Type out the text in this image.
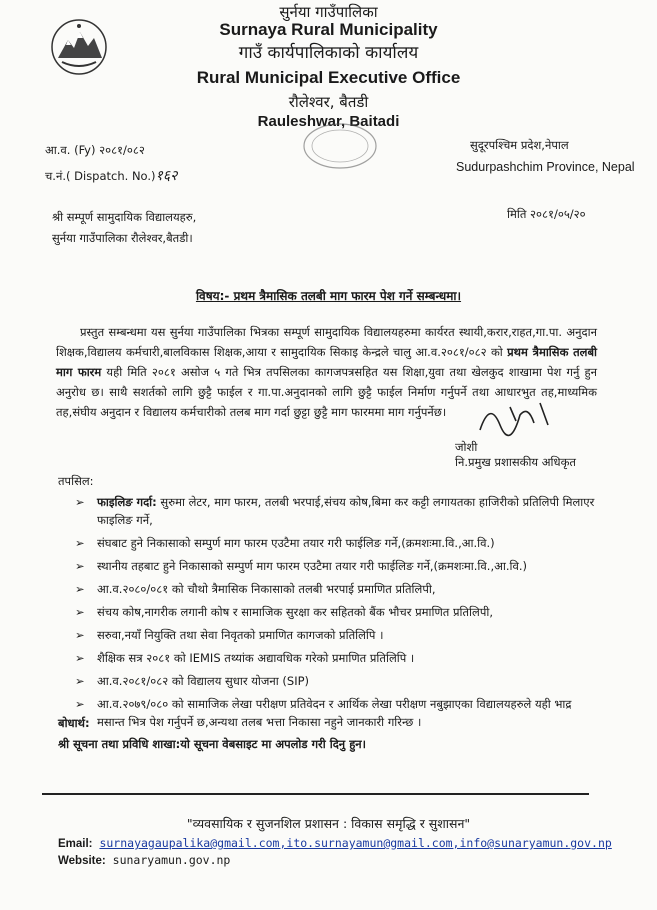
सुर्नया गाउँपालिका
Surnaya Rural Municipality
गाउँ कार्यपालिकाको कार्यालय
Rural Municipal Executive Office
रौलेश्वर, बैतडी
Rauleshwar, Baitadi
आ.व. (Fy) २०८१/०८२
च.नं.( Dispatch. No.)१६२
सुदूरपश्चिम प्रदेश,नेपाल
Sudurpashchim Province, Nepal
श्री सम्पूर्ण सामुदायिक विद्यालयहरु,
सुर्नया गाउँपालिका रौलेश्वर,बैतडी।
मिति २०८१/०५/२०
विषय:- प्रथम त्रैमासिक तलबी माग फारम पेश गर्ने सम्बन्धमा।
प्रस्तुत सम्बन्धमा यस सुर्नया गाउँपालिका भित्रका सम्पूर्ण सामुदायिक विद्यालयहरुमा कार्यरत स्थायी,करार,राहत,गा.पा. अनुदान शिक्षक,विद्यालय कर्मचारी,बालविकास शिक्षक,आया र सामुदायिक सिकाइ केन्द्रले चालु आ.व.२०८१/०८२ को प्रथम त्रैमासिक तलबी माग फारम यही मिति २०८१ असोज ५ गते भित्र तपसिलका कागजपत्रसहित यस शिक्षा,युवा तथा खेलकुद शाखामा पेश गर्नु हुन अनुरोध छ। साथै सशर्तको लागि छुट्टै फाईल र गा.पा.अनुदानको लागि छुट्टै फाईल निर्माण गर्नुपर्ने तथा आधारभुत तह,माध्यमिक तह,संघीय अनुदान र विद्यालय कर्मचारीको तलब माग गर्दा छुट्टा छुट्टै माग फारममा माग गर्नुपर्नेछ।
जोशी
नि.प्रमुख प्रशासकीय अधिकृत
तपसिल:
➢	फाइलिङ गर्दा: सुरुमा लेटर, माग फारम, तलबी भरपाई,संचय कोष,बिमा कर कट्टी लगायतका हाजिरीको प्रतिलिपी मिलाएर फाइलिङ गर्ने,
➢	संघबाट हुने निकासाको सम्पुर्ण माग फारम एउटैमा तयार गरी फाईलिङ गर्ने,(क्रमशःमा.वि.,आ.वि.)
➢	स्थानीय तहबाट हुने निकासाको सम्पुर्ण माग फारम एउटैमा तयार गरी फाईलिङ गर्ने,(क्रमशःमा.वि.,आ.वि.)
➢	आ.व.२०८०/०८१ को चौथो त्रैमासिक निकासाको तलबी भरपाई प्रमाणित प्रतिलिपी,
➢	संचय कोष,नागरीक लगानी कोष र सामाजिक सुरक्षा कर सहितको बैंक भौचर प्रमाणित प्रतिलिपी,
➢	सरुवा,नयाँ नियुक्ति तथा सेवा निवृतको प्रमाणित कागजको प्रतिलिपि ।
➢	शैक्षिक सत्र २०८१ को IEMIS तथ्यांक अद्यावधिक गरेको प्रमाणित प्रतिलिपि ।
➢	आ.व.२०८१/०८२ को विद्यालय सुधार योजना (SIP)
➢	आ.व.२०७९/०८० को सामाजिक लेखा परीक्षण प्रतिवेदन र आर्थिक लेखा परीक्षण नबुझाएका विद्यालयहरुले यही भाद्र मसान्त भित्र पेश गर्नुपर्ने छ,अन्यथा तलब भत्ता निकासा नहुने जानकारी गरिन्छ ।
बोधार्थ:
श्री सूचना तथा प्रविधि शाखा:यो सूचना वेबसाइट मा अपलोड गरी दिनु हुन।
"व्यवसायिक र सुजनशिल प्रशासन : विकास समृद्धि र सुशासन"
Email: surnayagaupalika@gmail.com,ito.surnayamun@gmail.com,info@sunaryamun.gov.np
Website: sunaryamun.gov.np
